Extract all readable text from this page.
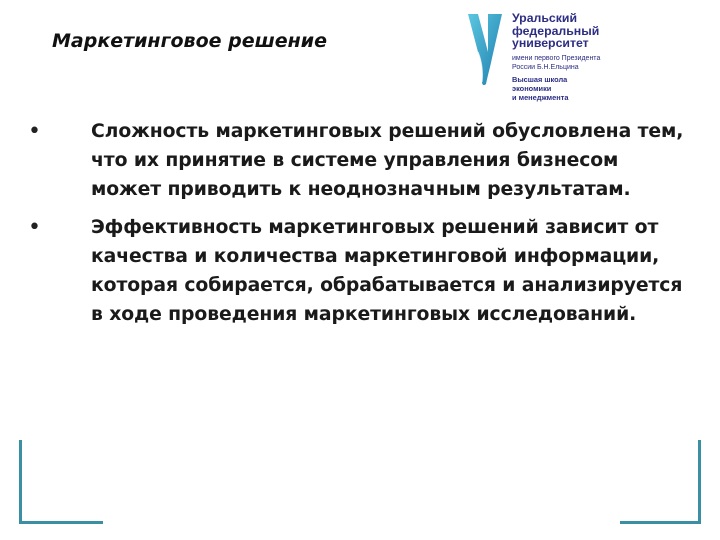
Маркетинговое решение
Уральский
федеральный
университет
имени первого Президента
России Б.Н.Ельцина
Высшая школа
экономики
и менеджмента
•	Сложность маркетинговых решений обусловлена тем, что их принятие в системе управления бизнесом может приводить к неоднозначным результатам.
•	Эффективность маркетинговых решений зависит от качества и количества маркетинговой информации, которая собирается, обрабатывается и анализируется в ходе проведения маркетинговых исследований.
